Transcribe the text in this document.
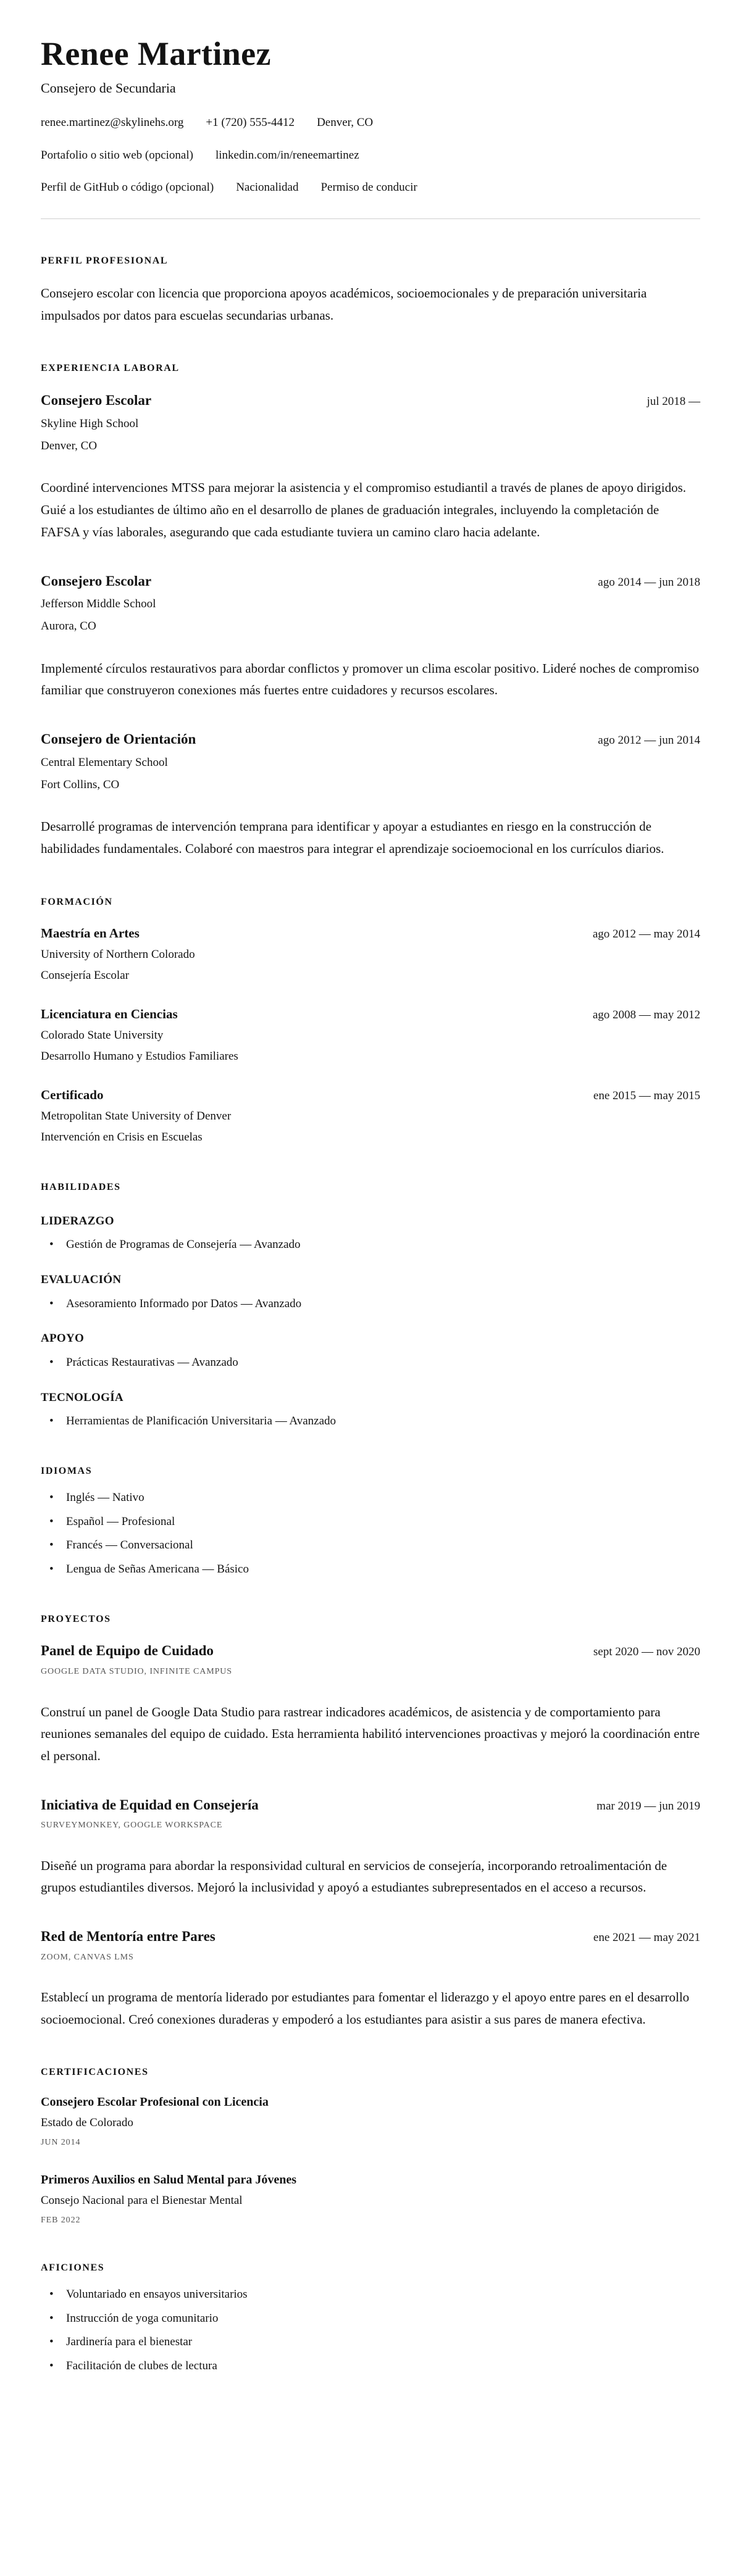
Renee Martinez

Consejero de Secundaria

renee.martinez@skylinehs.org +1 (720) 555-4412 Denver, CO
Portafolio o sitio web (opcional) linkedin.com/in/reneemartinez
Perfil de GitHub o código (opcional) Nacionalidad Permiso de conducir
PERFIL PROFESIONAL

Consejero escolar con licencia que proporciona apoyos académicos, socioemocionales y de preparación universitaria impulsados por datos para escuelas secundarias urbanas.

EXPERIENCIA LABORAL
Consejero Escolar	jul 2018 —

Skyline High School

Denver, CO

Coordiné intervenciones MTSS para mejorar la asistencia y el compromiso estudiantil a través de planes de apoyo dirigidos. Guié a los estudiantes de último año en el desarrollo de planes de graduación integrales, incluyendo la completación de FAFSA y vías laborales, asegurando que cada estudiante tuviera un camino claro hacia adelante.

Consejero Escolar	ago 2014 — jun 2018

Jefferson Middle School

Aurora, CO

Implementé círculos restaurativos para abordar conflictos y promover un clima escolar positivo. Lideré noches de compromiso familiar que construyeron conexiones más fuertes entre cuidadores y recursos escolares.

Consejero de Orientación	ago 2012 — jun 2014

Central Elementary School

Fort Collins, CO

Desarrollé programas de intervención temprana para identificar y apoyar a estudiantes en riesgo en la construcción de habilidades fundamentales. Colaboré con maestros para integrar el aprendizaje socioemocional en los currículos diarios.

FORMACIÓN
Maestría en Artes	ago 2012 — may 2014

University of Northern Colorado

Consejería Escolar

Licenciatura en Ciencias	ago 2008 — may 2012

Colorado State University

Desarrollo Humano y Estudios Familiares

Certificado	ene 2015 — may 2015

Metropolitan State University of Denver

Intervención en Crisis en Escuelas

HABILIDADES
LIDERAZGO
• Gestión de Programas de Consejería — Avanzado
EVALUACIÓN
• Asesoramiento Informado por Datos — Avanzado
APOYO
• Prácticas Restaurativas — Avanzado
TECNOLOGÍA
• Herramientas de Planificación Universitaria — Avanzado
IDIOMAS
• Inglés — Nativo
• Español — Profesional
• Francés — Conversacional
• Lengua de Señas Americana — Básico
PROYECTOS
Panel de Equipo de Cuidado	sept 2020 — nov 2020

GOOGLE DATA STUDIO, INFINITE CAMPUS

Construí un panel de Google Data Studio para rastrear indicadores académicos, de asistencia y de comportamiento para reuniones semanales del equipo de cuidado. Esta herramienta habilitó intervenciones proactivas y mejoró la coordinación entre el personal.

Iniciativa de Equidad en Consejería	mar 2019 — jun 2019

SURVEYMONKEY, GOOGLE WORKSPACE

Diseñé un programa para abordar la responsividad cultural en servicios de consejería, incorporando retroalimentación de grupos estudiantiles diversos. Mejoró la inclusividad y apoyó a estudiantes subrepresentados en el acceso a recursos.

Red de Mentoría entre Pares	ene 2021 — may 2021

ZOOM, CANVAS LMS

Establecí un programa de mentoría liderado por estudiantes para fomentar el liderazgo y el apoyo entre pares en el desarrollo socioemocional. Creó conexiones duraderas y empoderó a los estudiantes para asistir a sus pares de manera efectiva.

CERTIFICACIONES
Consejero Escolar Profesional con Licencia

Estado de Colorado

JUN 2014

Primeros Auxilios en Salud Mental para Jóvenes

Consejo Nacional para el Bienestar Mental

FEB 2022

AFICIONES
• Voluntariado en ensayos universitarios
• Instrucción de yoga comunitario
• Jardinería para el bienestar
• Facilitación de clubes de lectura
